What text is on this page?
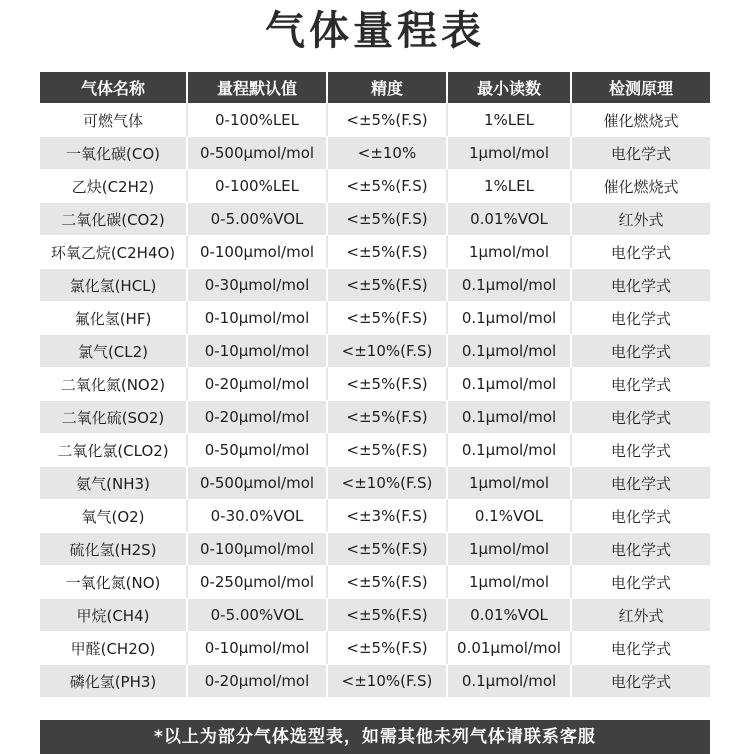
气体量程表
气体名称	量程默认值	精度	最小读数	检测原理
可燃气体	0-100%LEL	<±5%(F.S)	1%LEL	催化燃烧式
一氧化碳(CO)	0-500μmol/mol	<±10%	1μmol/mol	电化学式
乙炔(C2H2)	0-100%LEL	<±5%(F.S)	1%LEL	催化燃烧式
二氧化碳(CO2)	0-5.00%VOL	<±5%(F.S)	0.01%VOL	红外式
环氧乙烷(C2H4O)	0-100μmol/mol	<±5%(F.S)	1μmol/mol	电化学式
氯化氢(HCL)	0-30μmol/mol	<±5%(F.S)	0.1μmol/mol	电化学式
氟化氢(HF)	0-10μmol/mol	<±5%(F.S)	0.1μmol/mol	电化学式
氯气(CL2)	0-10μmol/mol	<±10%(F.S)	0.1μmol/mol	电化学式
二氧化氮(NO2)	0-20μmol/mol	<±5%(F.S)	0.1μmol/mol	电化学式
二氧化硫(SO2)	0-20μmol/mol	<±5%(F.S)	0.1μmol/mol	电化学式
二氧化氯(CLO2)	0-50μmol/mol	<±5%(F.S)	0.1μmol/mol	电化学式
氨气(NH3)	0-500μmol/mol	<±10%(F.S)	1μmol/mol	电化学式
氧气(O2)	0-30.0%VOL	<±3%(F.S)	0.1%VOL	电化学式
硫化氢(H2S)	0-100μmol/mol	<±5%(F.S)	1μmol/mol	电化学式
一氧化氮(NO)	0-250μmol/mol	<±5%(F.S)	1μmol/mol	电化学式
甲烷(CH4)	0-5.00%VOL	<±5%(F.S)	0.01%VOL	红外式
甲醛(CH2O)	0-10μmol/mol	<±5%(F.S)	0.01μmol/mol	电化学式
磷化氢(PH3)	0-20μmol/mol	<±10%(F.S)	0.1μmol/mol	电化学式
*以上为部分气体选型表，如需其他未列气体请联系客服
